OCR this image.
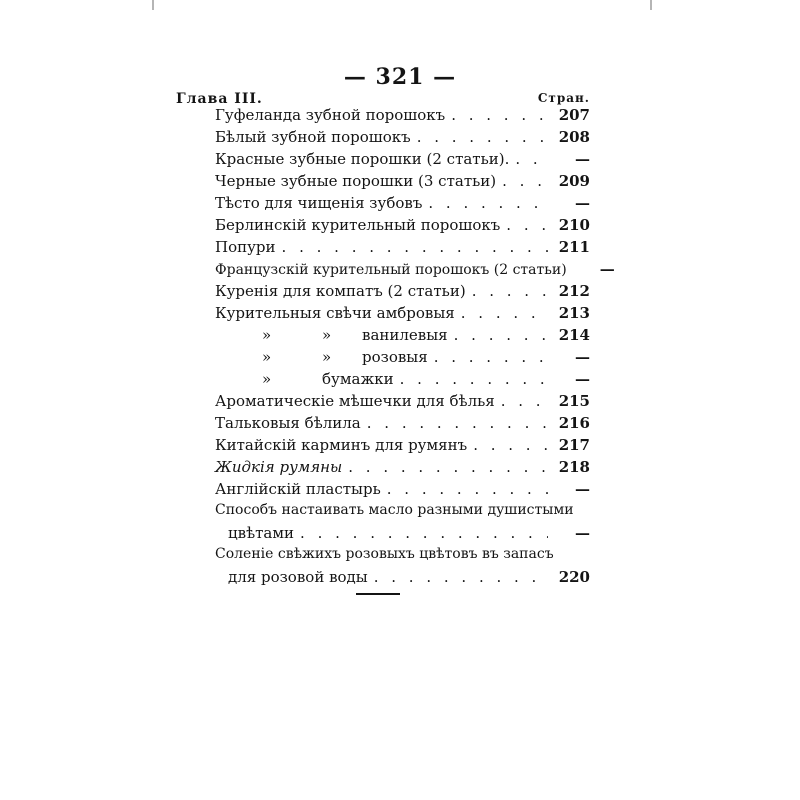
— 321 —
Глава III.	Стран.
Гуфеланда зубной порошокъ . . .	207
Бѣлый зубной порошокъ . . .	208
Красные зубные порошки (2 статьи). . . .	—
Черные зубные порошки (3 статьи) . . .	209
Тѣсто для чищенія зубовъ . . .	—
Берлинскій курительный порошокъ . . .	210
Попури . . .	211
Французскій курительный порошокъ (2 статьи)	—
Куренія для компатъ (2 статьи) . . .	212
Курительныя свѣчи амбровыя . . .	213
»	» ванилевыя . . .	214
»	» розовыя . . .	—
»	бумажки . . .	—
Ароматическіе мѣшечки для бѣлья . . .	215
Тальковыя бѣлила . . .	216
Китайскій карминъ для румянъ . . .	217
Жидкія румяны . . .	218
Англійскій пластырь . . .	—
Способъ настаивать масло разными душистыми
цвѣтами . . .	—
Соленіе свѣжихъ розовыхъ цвѣтовъ въ запасъ
для розовой воды . . .	220
